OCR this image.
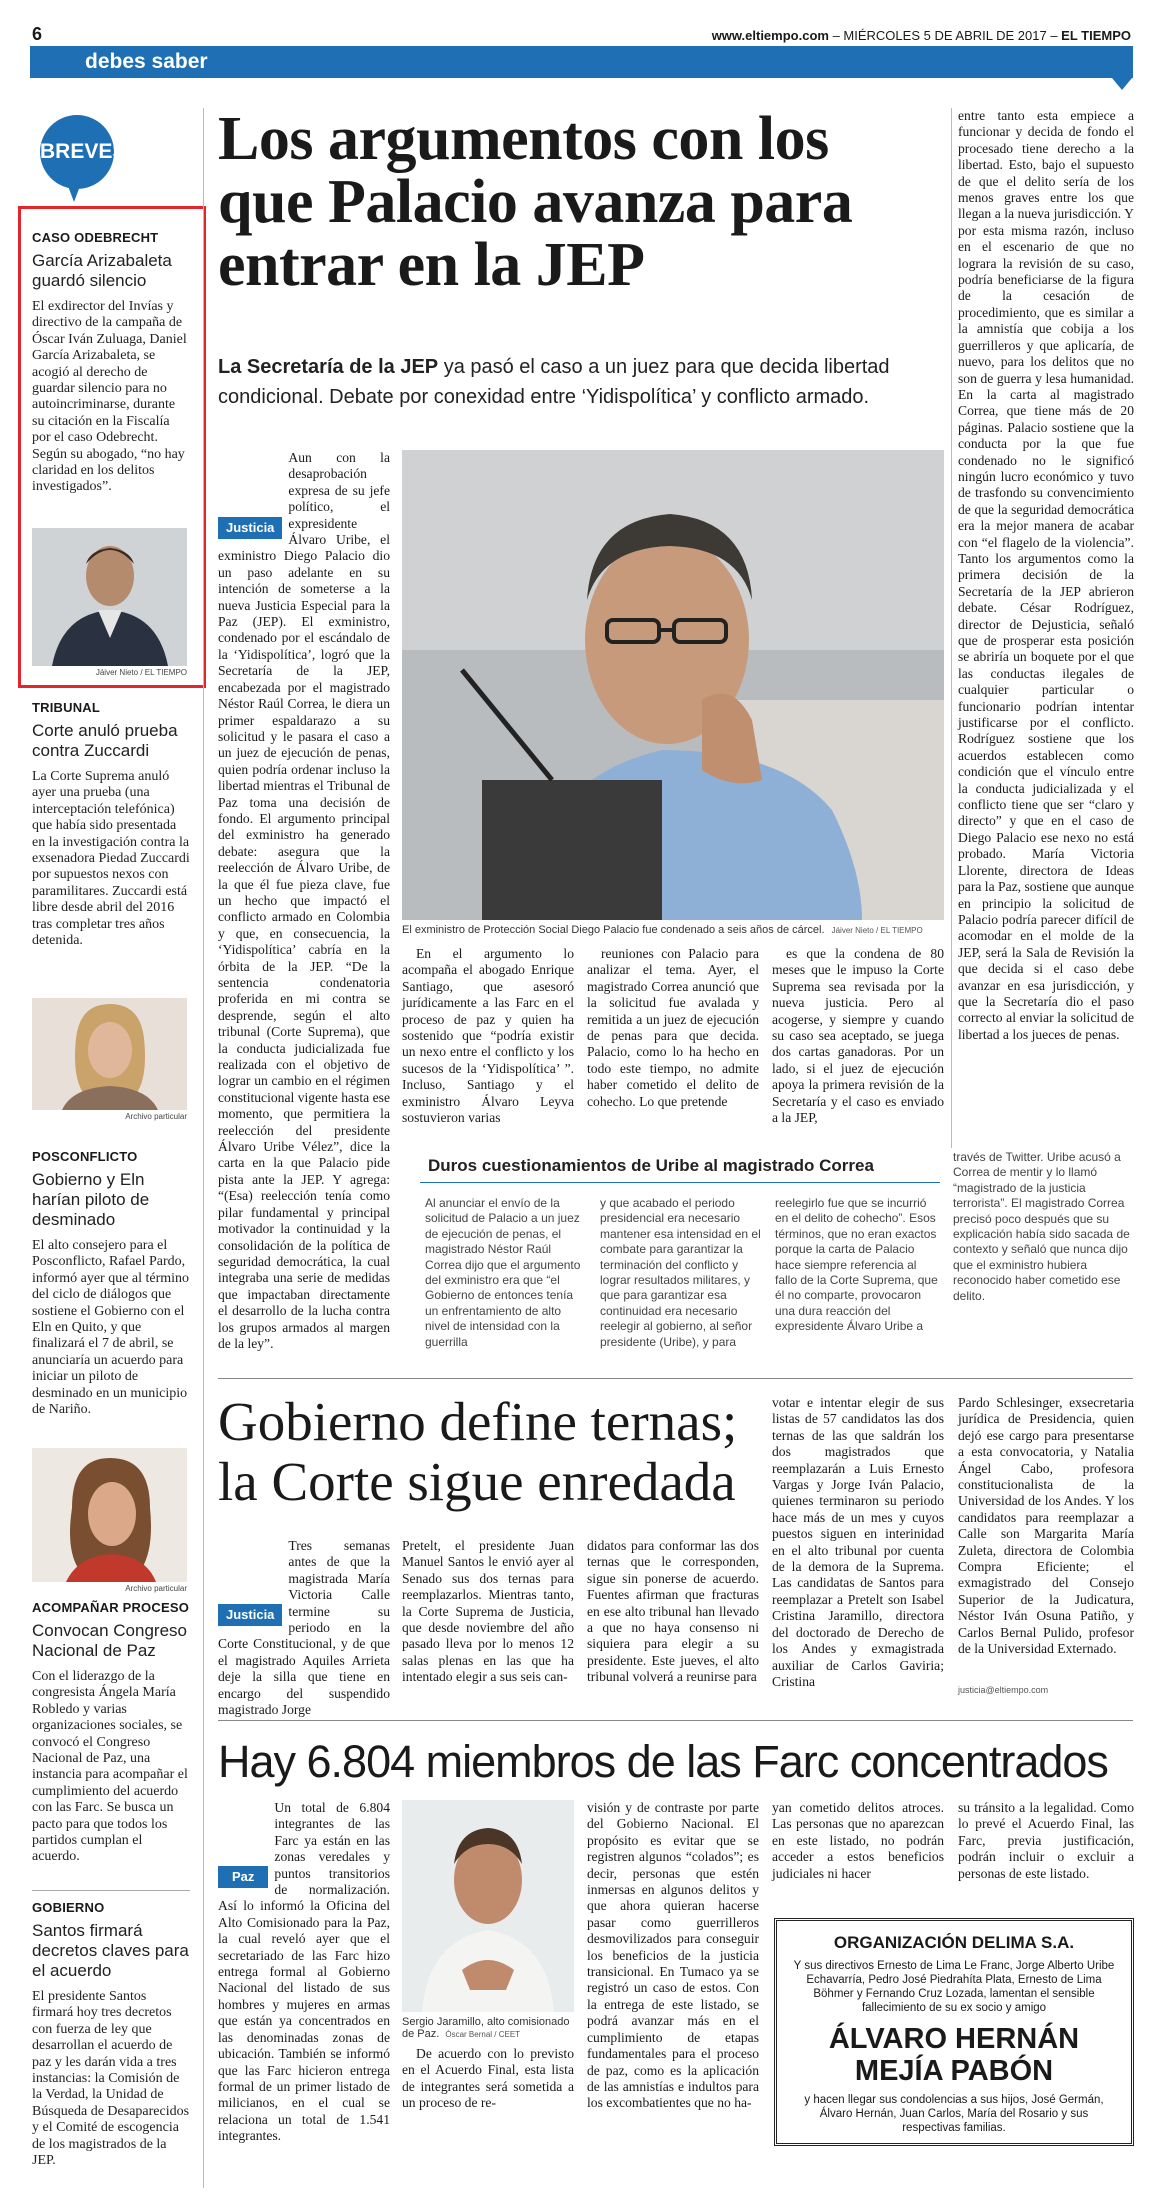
6	www.eltiempo.com – MIÉRCOLES 5 DE ABRIL DE 2017 – EL TIEMPO
debes saber
BREVES
CASO ODEBRECHT
García Arizabaleta guardó silencio
El exdirector del Invías y directivo de la campaña de Óscar Iván Zuluaga, Daniel García Arizabaleta, se acogió al derecho de guardar silencio para no autoincriminarse, durante su citación en la Fiscalía por el caso Odebrecht. Según su abogado, “no hay claridad en los delitos investigados”.
Jáiver Nieto / EL TIEMPO
TRIBUNAL
Corte anuló prueba contra Zuccardi
La Corte Suprema anuló ayer una prueba (una interceptación telefónica) que había sido presentada en la investigación contra la exsenadora Piedad Zuccardi por supuestos nexos con paramilitares. Zuccardi está libre desde abril del 2016 tras completar tres años detenida.
Archivo particular
POSCONFLICTO
Gobierno y Eln harían piloto de desminado
El alto consejero para el Posconflicto, Rafael Pardo, informó ayer que al término del ciclo de diálogos que sostiene el Gobierno con el Eln en Quito, y que finalizará el 7 de abril, se anunciaría un acuerdo para iniciar un piloto de desminado en un municipio de Nariño.
Archivo particular
ACOMPAÑAR PROCESO
Convocan Congreso Nacional de Paz
Con el liderazgo de la congresista Ángela María Robledo y varias organizaciones sociales, se convocó el Congreso Nacional de Paz, una instancia para acompañar el cumplimiento del acuerdo con las Farc. Se busca un pacto para que todos los partidos cumplan el acuerdo.
GOBIERNO
Santos firmará decretos claves para el acuerdo
El presidente Santos firmará hoy tres decretos con fuerza de ley que desarrollan el acuerdo de paz y les darán vida a tres instancias: la Comisión de la Verdad, la Unidad de Búsqueda de Desaparecidos y el Comité de escogencia de los magistrados de la JEP.
Los argumentos con los que Palacio avanza para entrar en la JEP
La Secretaría de la JEP ya pasó el caso a un juez para que decida libertad condicional. Debate por conexidad entre ‘Yidispolítica’ y conflicto armado.
Justicia
Aun con la desaprobación expresa de su jefe político, el expresidente Álvaro Uribe, el exministro Diego Palacio dio un paso adelante en su intención de someterse a la nueva Justicia Especial para la Paz (JEP). El exministro, condenado por el escándalo de la ‘Yidispolítica’, logró que la Secretaría de la JEP, encabezada por el magistrado Néstor Raúl Correa, le diera un primer espaldarazo a su solicitud y le pasara el caso a un juez de ejecución de penas, quien podría ordenar incluso la libertad mientras el Tribunal de Paz toma una decisión de fondo. El argumento principal del exministro ha generado debate: asegura que la reelección de Álvaro Uribe, de la que él fue pieza clave, fue un hecho que impactó el conflicto armado en Colombia y que, en consecuencia, la ‘Yidispolítica’ cabría en la órbita de la JEP. “De la sentencia condenatoria proferida en mi contra se desprende, según el alto tribunal (Corte Suprema), que la conducta judicializada fue realizada con el objetivo de lograr un cambio en el régimen constitucional vigente hasta ese momento, que permitiera la reelección del presidente Álvaro Uribe Vélez”, dice la carta en la que Palacio pide pista ante la JEP. Y agrega: “(Esa) reelección tenía como pilar fundamental y principal motivador la continuidad y la consolidación de la política de seguridad democrática, la cual integraba una serie de medidas que impactaban directamente el desarrollo de la lucha contra los grupos armados al margen de la ley”.
El exministro de Protección Social Diego Palacio fue condenado a seis años de cárcel. Jáiver Nieto / EL TIEMPO
En el argumento lo acompaña el abogado Enrique Santiago, que asesoró jurídicamente a las Farc en el proceso de paz y quien ha sostenido que “podría existir un nexo entre el conflicto y los sucesos de la ‘Yidispolítica’ ”. Incluso, Santiago y el exministro Álvaro Leyva sostuvieron varias
reuniones con Palacio para analizar el tema. Ayer, el magistrado Correa anunció que la solicitud fue avalada y remitida a un juez de ejecución de penas para que decida. Palacio, como lo ha hecho en todo este tiempo, no admite haber cometido el delito de cohecho. Lo que pretende
es que la condena de 80 meses que le impuso la Corte Suprema sea revisada por la nueva justicia. Pero al acogerse, y siempre y cuando su caso sea aceptado, se juega dos cartas ganadoras. Por un lado, si el juez de ejecución apoya la primera revisión de la Secretaría y el caso es enviado a la JEP,
entre tanto esta empiece a funcionar y decida de fondo el procesado tiene derecho a la libertad. Esto, bajo el supuesto de que el delito sería de los menos graves entre los que llegan a la nueva jurisdicción. Y por esta misma razón, incluso en el escenario de que no lograra la revisión de su caso, podría beneficiarse de la figura de la cesación de procedimiento, que es similar a la amnistía que cobija a los guerrilleros y que aplicaría, de nuevo, para los delitos que no son de guerra y lesa humanidad. En la carta al magistrado Correa, que tiene más de 20 páginas. Palacio sostiene que la conducta por la que fue condenado no le significó ningún lucro económico y tuvo de trasfondo su convencimiento de que la seguridad democrática era la mejor manera de acabar con “el flagelo de la violencia”. Tanto los argumentos como la primera decisión de la Secretaría de la JEP abrieron debate. César Rodríguez, director de Dejusticia, señaló que de prosperar esta posición se abriría un boquete por el que las conductas ilegales de cualquier particular o funcionario podrían intentar justificarse por el conflicto. Rodríguez sostiene que los acuerdos establecen como condición que el vínculo entre la conducta judicializada y el conflicto tiene que ser “claro y directo” y que en el caso de Diego Palacio ese nexo no está probado. María Victoria Llorente, directora de Ideas para la Paz, sostiene que aunque en principio la solicitud de Palacio podría parecer difícil de acomodar en el molde de la JEP, será la Sala de Revisión la que decida si el caso debe avanzar en esa jurisdicción, y que la Secretaría dio el paso correcto al enviar la solicitud de libertad a los jueces de penas.
Duros cuestionamientos de Uribe al magistrado Correa
Al anunciar el envío de la solicitud de Palacio a un juez de ejecución de penas, el magistrado Néstor Raúl Correa dijo que el argumento del exministro era que “el Gobierno de entonces tenía un enfrentamiento de alto nivel de intensidad con la guerrilla
y que acabado el periodo presidencial era necesario mantener esa intensidad en el combate para garantizar la terminación del conflicto y lograr resultados militares, y que para garantizar esa continuidad era necesario reelegir al gobierno, al señor presidente (Uribe), y para
reelegirlo fue que se incurrió en el delito de cohecho”. Esos términos, que no eran exactos porque la carta de Palacio hace siempre referencia al fallo de la Corte Suprema, que él no comparte, provocaron una dura reacción del expresidente Álvaro Uribe a
través de Twitter. Uribe acusó a Correa de mentir y lo llamó “magistrado de la justicia terrorista”. El magistrado Correa precisó poco después que su explicación había sido sacada de contexto y señaló que nunca dijo que el exministro hubiera reconocido haber cometido ese delito.
Gobierno define ternas; la Corte sigue enredada
Justicia
Tres semanas antes de que la magistrada María Victoria Calle termine su periodo en la Corte Constitucional, y de que el magistrado Aquiles Arrieta deje la silla que tiene en encargo del suspendido magistrado Jorge
Pretelt, el presidente Juan Manuel Santos le envió ayer al Senado sus dos ternas para reemplazarlos. Mientras tanto, la Corte Suprema de Justicia, que desde noviembre del año pasado lleva por lo menos 12 salas plenas en las que ha intentado elegir a sus seis can-
didatos para conformar las dos ternas que le corresponden, sigue sin ponerse de acuerdo. Fuentes afirman que fracturas en ese alto tribunal han llevado a que no haya consenso ni siquiera para elegir a su presidente. Este jueves, el alto tribunal volverá a reunirse para
votar e intentar elegir de sus listas de 57 candidatos las dos ternas de las que saldrán los dos magistrados que reemplazarán a Luis Ernesto Vargas y Jorge Iván Palacio, quienes terminaron su periodo hace más de un mes y cuyos puestos siguen en interinidad en el alto tribunal por cuenta de la demora de la Suprema. Las candidatas de Santos para reemplazar a Pretelt son Isabel Cristina Jaramillo, directora del doctorado de Derecho de los Andes y exmagistrada auxiliar de Carlos Gaviria; Cristina
Pardo Schlesinger, exsecretaria jurídica de Presidencia, quien dejó ese cargo para presentarse a esta convocatoria, y Natalia Ángel Cabo, profesora constitucionalista de la Universidad de los Andes. Y los candidatos para reemplazar a Calle son Margarita María Zuleta, directora de Colombia Compra Eficiente; el exmagistrado del Consejo Superior de la Judicatura, Néstor Iván Osuna Patiño, y Carlos Bernal Pulido, profesor de la Universidad Externado.
justicia@eltiempo.com
Hay 6.804 miembros de las Farc concentrados
Paz
Un total de 6.804 integrantes de las Farc ya están en las zonas veredales y puntos transitorios de normalización. Así lo informó la Oficina del Alto Comisionado para la Paz, la cual reveló ayer que el secretariado de las Farc hizo entrega formal al Gobierno Nacional del listado de sus hombres y mujeres en armas que están ya concentrados en las denominadas zonas de ubicación. También se informó que las Farc hicieron entrega formal de un primer listado de milicianos, en el cual se relaciona un total de 1.541 integrantes.
Sergio Jaramillo, alto comisionado de Paz. Óscar Bernal / CEET
De acuerdo con lo previsto en el Acuerdo Final, esta lista de integrantes será sometida a un proceso de re-
visión y de contraste por parte del Gobierno Nacional. El propósito es evitar que se registren algunos “colados”; es decir, personas que estén inmersas en algunos delitos y que ahora quieran hacerse pasar como guerrilleros desmovilizados para conseguir los beneficios de la justicia transicional. En Tumaco ya se registró un caso de estos. Con la entrega de este listado, se podrá avanzar más en el cumplimiento de etapas fundamentales para el proceso de paz, como es la aplicación de las amnistías e indultos para los excombatientes que no ha-
yan cometido delitos atroces. Las personas que no aparezcan en este listado, no podrán acceder a estos beneficios judiciales ni hacer
su tránsito a la legalidad. Como lo prevé el Acuerdo Final, las Farc, previa justificación, podrán incluir o excluir a personas de este listado.
ORGANIZACIÓN DELIMA S.A.
Y sus directivos Ernesto de Lima Le Franc, Jorge Alberto Uribe Echavarría, Pedro José Piedrahíta Plata, Ernesto de Lima Böhmer y Fernando Cruz Lozada, lamentan el sensible fallecimiento de su ex socio y amigo
ÁLVARO HERNÁN
MEJÍA PABÓN
y hacen llegar sus condolencias a sus hijos, José Germán, Álvaro Hernán, Juan Carlos, María del Rosario y sus respectivas familias.
